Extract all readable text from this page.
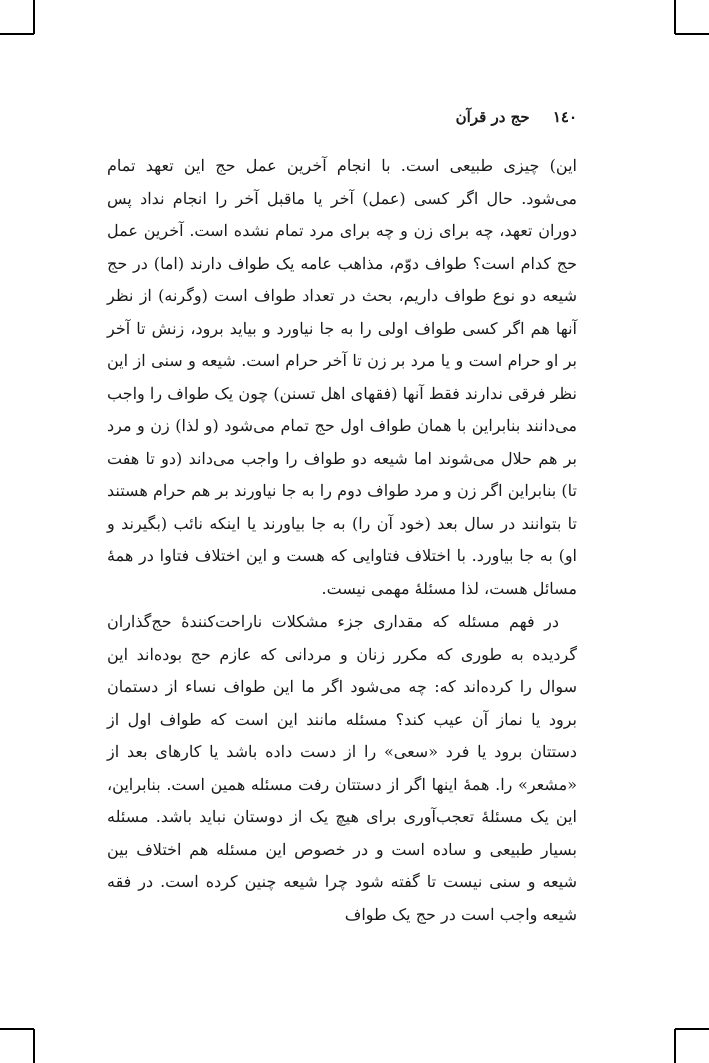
١٤٠ حج در قرآن

این) چیزی طبیعی است. با انجام آخرین عمل حج این تعهد تمام می‌شود. حال اگر کسی (عمل) آخر یا ماقبل آخر را انجام نداد پس دوران تعهد، چه برای زن و چه برای مرد تمام نشده است. آخرین عمل حج کدام است؟ طواف دوّم، مذاهب عامه یک طواف دارند (اما) در حج شیعه دو نوع طواف داریم، بحث در تعداد طواف است (وگرنه) از نظر آنها هم اگر کسی طواف اولی را به جا نیاورد و بیاید برود، زنش تا آخر بر او حرام است و یا مرد بر زن تا آخر حرام است. شیعه و سنی از این نظر فرقی ندارند فقط آنها (فقهای اهل تسنن) چون یک طواف را واجب می‌دانند بنابراین با همان طواف اول حج تمام می‌شود (و لذا) زن و مرد بر هم حلال می‌شوند اما شیعه دو طواف را واجب می‌داند (دو تا هفت تا) بنابراین اگر زن و مرد طواف دوم را به جا نیاورند بر هم حرام هستند تا بتوانند در سال بعد (خود آن را) به جا بیاورند یا اینکه نائب (بگیرند و او) به جا بیاورد. با اختلاف فتاوایی که هست و این اختلاف فتاوا در همهٔ مسائل هست، لذا مسئلهٔ مهمی نیست.

در فهم مسئله که مقداری جزء مشکلات ناراحت‌کنندهٔ حج‌گذاران گردیده به طوری که مکرر زنان و مردانی که عازم حج بوده‌اند این سوال را کرده‌اند که: چه می‌شود اگر ما این طواف نساء از دستمان برود یا نماز آن عیب کند؟ مسئله مانند این است که طواف اول از دستتان برود یا فرد «سعی» را از دست داده باشد یا کارهای بعد از «مشعر» را. همهٔ اینها اگر از دستتان رفت مسئله همین است. بنابراین، این یک مسئلهٔ تعجب‌آوری برای هیچ یک از دوستان نباید باشد. مسئله بسیار طبیعی و ساده است و در خصوص این مسئله هم اختلاف بین شیعه و سنی نیست تا گفته شود چرا شیعه چنین کرده است. در فقه شیعه واجب است در حج یک طواف
